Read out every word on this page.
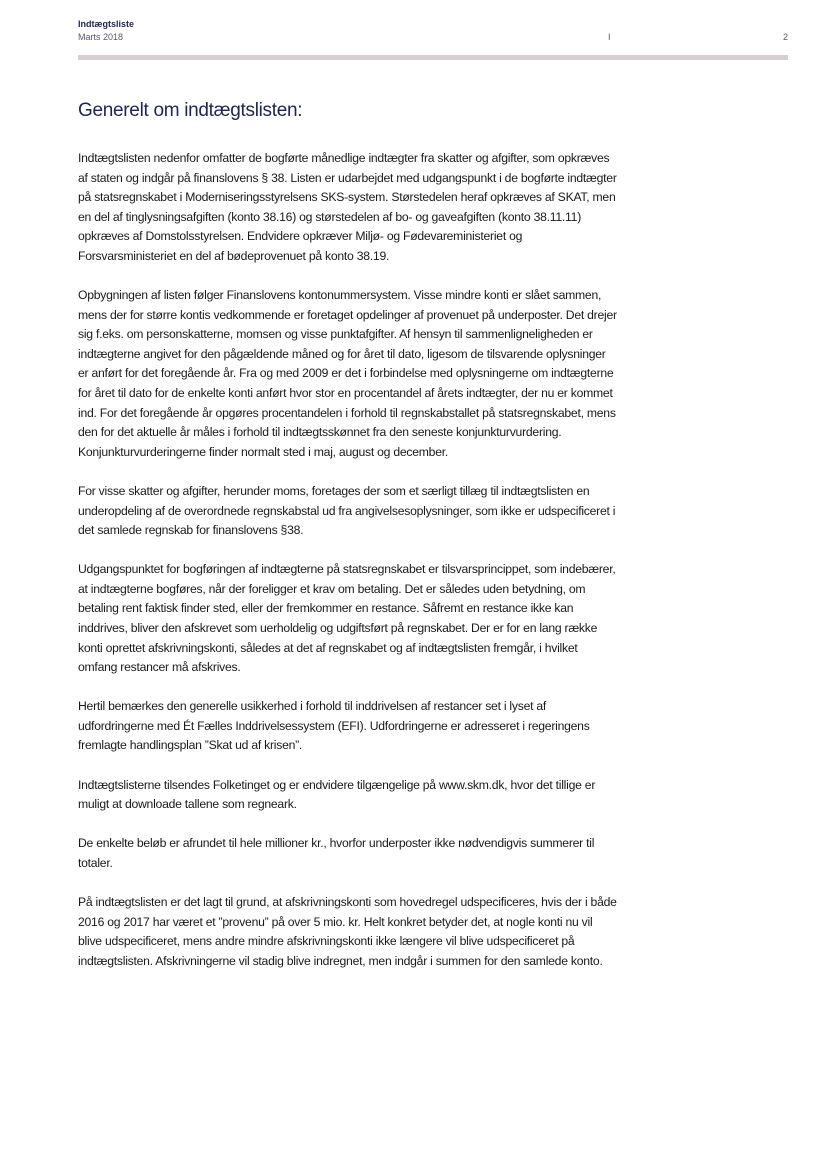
Indtægtsliste
Marts 2018	I	2
Generelt om indtægtslisten:

Indtægtslisten nedenfor omfatter de bogførte månedlige indtægter fra skatter og afgifter, som opkræves af staten og indgår på finanslovens § 38. Listen er udarbejdet med udgangspunkt i de bogførte indtægter på statsregnskabet i Moderniseringsstyrelsens SKS-system. Størstedelen heraf opkræves af SKAT, men en del af tinglysningsafgiften (konto 38.16) og størstedelen af bo- og gaveafgiften (konto 38.11.11) opkræves af Domstolsstyrelsen. Endvidere opkræver Miljø- og Fødevareministeriet og Forsvarsministeriet en del af bødeprovenuet på konto 38.19.

Opbygningen af listen følger Finanslovens kontonummersystem. Visse mindre konti er slået sammen, mens der for større kontis vedkommende er foretaget opdelinger af provenuet på underposter. Det drejer sig f.eks. om personskatterne, momsen og visse punktafgifter. Af hensyn til sammenligneligheden er indtægterne angivet for den pågældende måned og for året til dato, ligesom de tilsvarende oplysninger er anført for det foregående år. Fra og med 2009 er det i forbindelse med oplysningerne om indtægterne for året til dato for de enkelte konti anført hvor stor en procentandel af årets indtægter, der nu er kommet ind. For det foregående år opgøres procentandelen i forhold til regnskabstallet på statsregnskabet, mens den for det aktuelle år måles i forhold til indtægtsskønnet fra den seneste konjunkturvurdering. Konjunkturvurderingerne finder normalt sted i maj, august og december.

For visse skatter og afgifter, herunder moms, foretages der som et særligt tillæg til indtægtslisten en underopdeling af de overordnede regnskabstal ud fra angivelsesoplysninger, som ikke er udspecificeret i det samlede regnskab for finanslovens §38.

Udgangspunktet for bogføringen af indtægterne på statsregnskabet er tilsvarsprincippet, som indebærer, at indtægterne bogføres, når der foreligger et krav om betaling. Det er således uden betydning, om betaling rent faktisk finder sted, eller der fremkommer en restance. Såfremt en restance ikke kan inddrives, bliver den afskrevet som uerholdelig og udgiftsført på regnskabet. Der er for en lang række konti oprettet afskrivningskonti, således at det af regnskabet og af indtægtslisten fremgår, i hvilket omfang restancer må afskrives.

Hertil bemærkes den generelle usikkerhed i forhold til inddrivelsen af restancer set i lyset af udfordringerne med Ét Fælles Inddrivelsessystem (EFI). Udfordringerne er adresseret i regeringens fremlagte handlingsplan ”Skat ud af krisen”.

Indtægtslisterne tilsendes Folketinget og er endvidere tilgængelige på www.skm.dk, hvor det tillige er muligt at downloade tallene som regneark.

De enkelte beløb er afrundet til hele millioner kr., hvorfor underposter ikke nødvendigvis summerer til totaler.

På indtægtslisten er det lagt til grund, at afskrivningskonti som hovedregel udspecificeres, hvis der i både 2016 og 2017 har været et ”provenu” på over 5 mio. kr. Helt konkret betyder det, at nogle konti nu vil blive udspecificeret, mens andre mindre afskrivningskonti ikke længere vil blive udspecificeret på indtægtslisten. Afskrivningerne vil stadig blive indregnet, men indgår i summen for den samlede konto.
